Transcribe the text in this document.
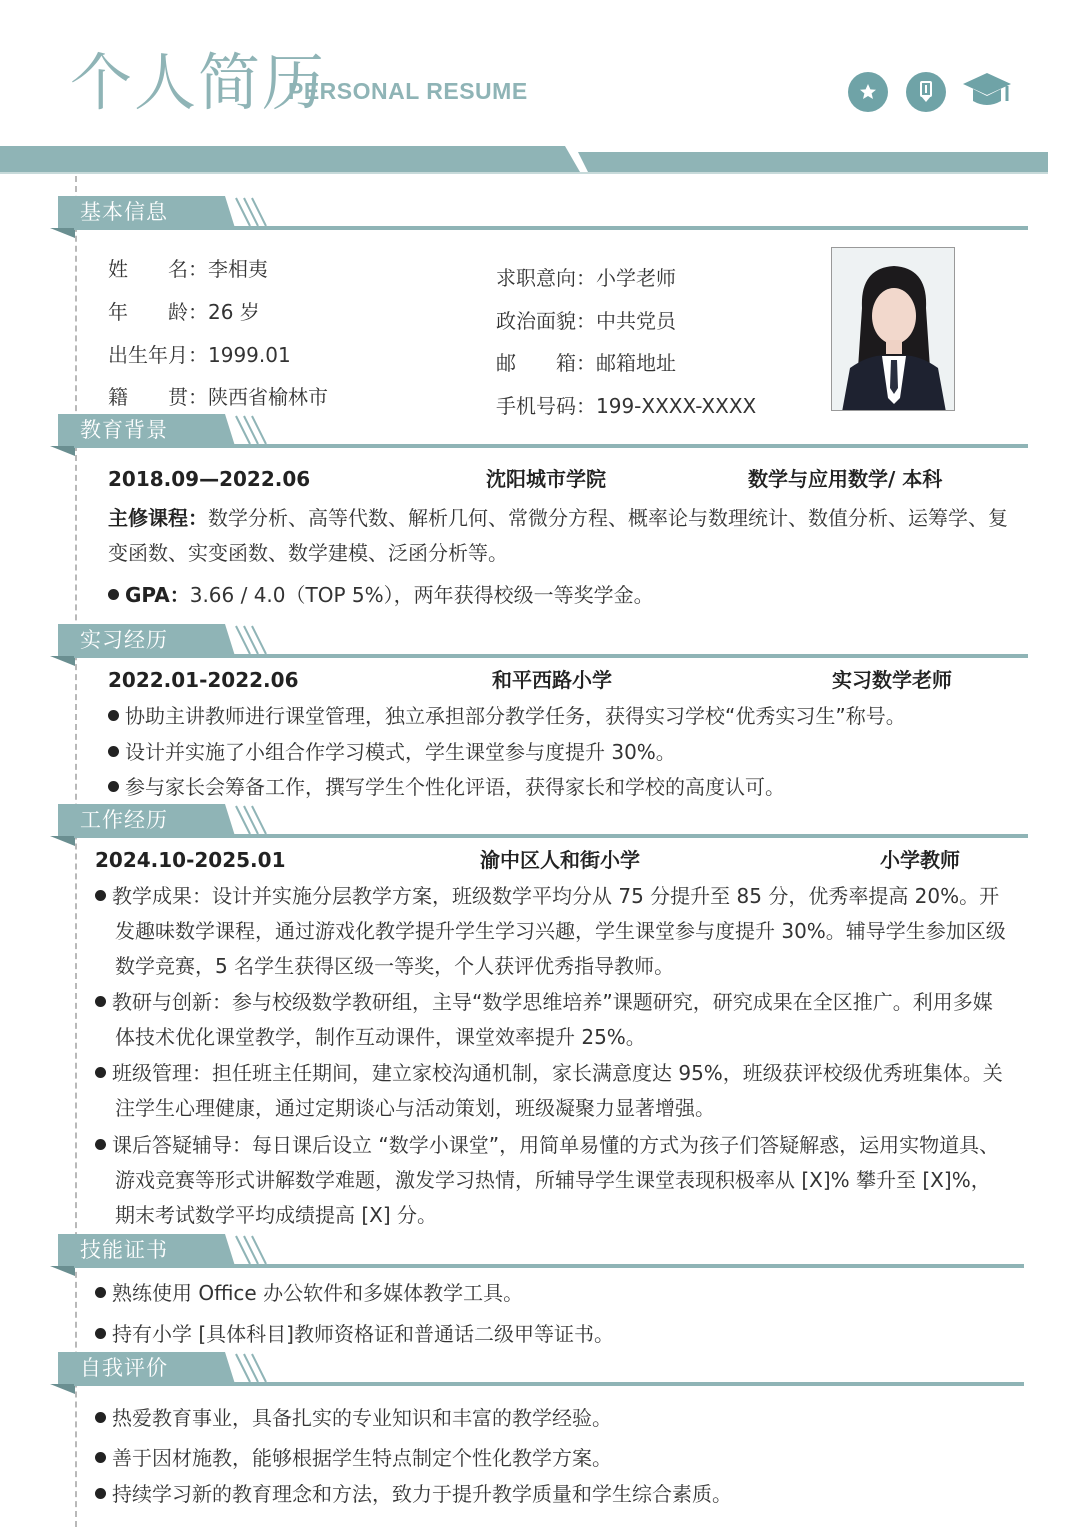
个人简历
PERSONAL RESUME
基本信息
姓　　名：李相夷
年　　龄：26 岁
出生年月：1999.01
籍　　贯：陕西省榆林市
求职意向：小学老师
政治面貌：中共党员
邮　　箱：邮箱地址
手机号码：199-XXXX-XXXX
教育背景
2018.09—2022.06	沈阳城市学院	数学与应用数学/ 本科
主修课程：数学分析、高等代数、解析几何、常微分方程、概率论与数理统计、数值分析、运筹学、复变函数、实变函数、数学建模、泛函分析等。
GPA：3.66 / 4.0（TOP 5%），两年获得校级一等奖学金。
实习经历
2022.01-2022.06	和平西路小学	实习数学老师
协助主讲教师进行课堂管理，独立承担部分教学任务，获得实习学校“优秀实习生”称号。
设计并实施了小组合作学习模式，学生课堂参与度提升 30%。
参与家长会筹备工作，撰写学生个性化评语，获得家长和学校的高度认可。
工作经历
2024.10-2025.01	渝中区人和街小学	小学教师
教学成果：设计并实施分层教学方案，班级数学平均分从 75 分提升至 85 分，优秀率提高 20%。开发趣味数学课程，通过游戏化教学提升学生学习兴趣，学生课堂参与度提升 30%。辅导学生参加区级数学竞赛，5 名学生获得区级一等奖，个人获评优秀指导教师。
教研与创新：参与校级数学教研组，主导“数学思维培养”课题研究，研究成果在全区推广。利用多媒体技术优化课堂教学，制作互动课件，课堂效率提升 25%。
班级管理：担任班主任期间，建立家校沟通机制，家长满意度达 95%，班级获评校级优秀班集体。关注学生心理健康，通过定期谈心与活动策划，班级凝聚力显著增强。
课后答疑辅导：每日课后设立 “数学小课堂”，用简单易懂的方式为孩子们答疑解惑，运用实物道具、游戏竞赛等形式讲解数学难题，激发学习热情，所辅导学生课堂表现积极率从 [X]% 攀升至 [X]%，期末考试数学平均成绩提高 [X] 分。
技能证书
熟练使用 Office 办公软件和多媒体教学工具。
持有小学 [具体科目]教师资格证和普通话二级甲等证书。
自我评价
热爱教育事业，具备扎实的专业知识和丰富的教学经验。
善于因材施教，能够根据学生特点制定个性化教学方案。
持续学习新的教育理念和方法，致力于提升教学质量和学生综合素质。
